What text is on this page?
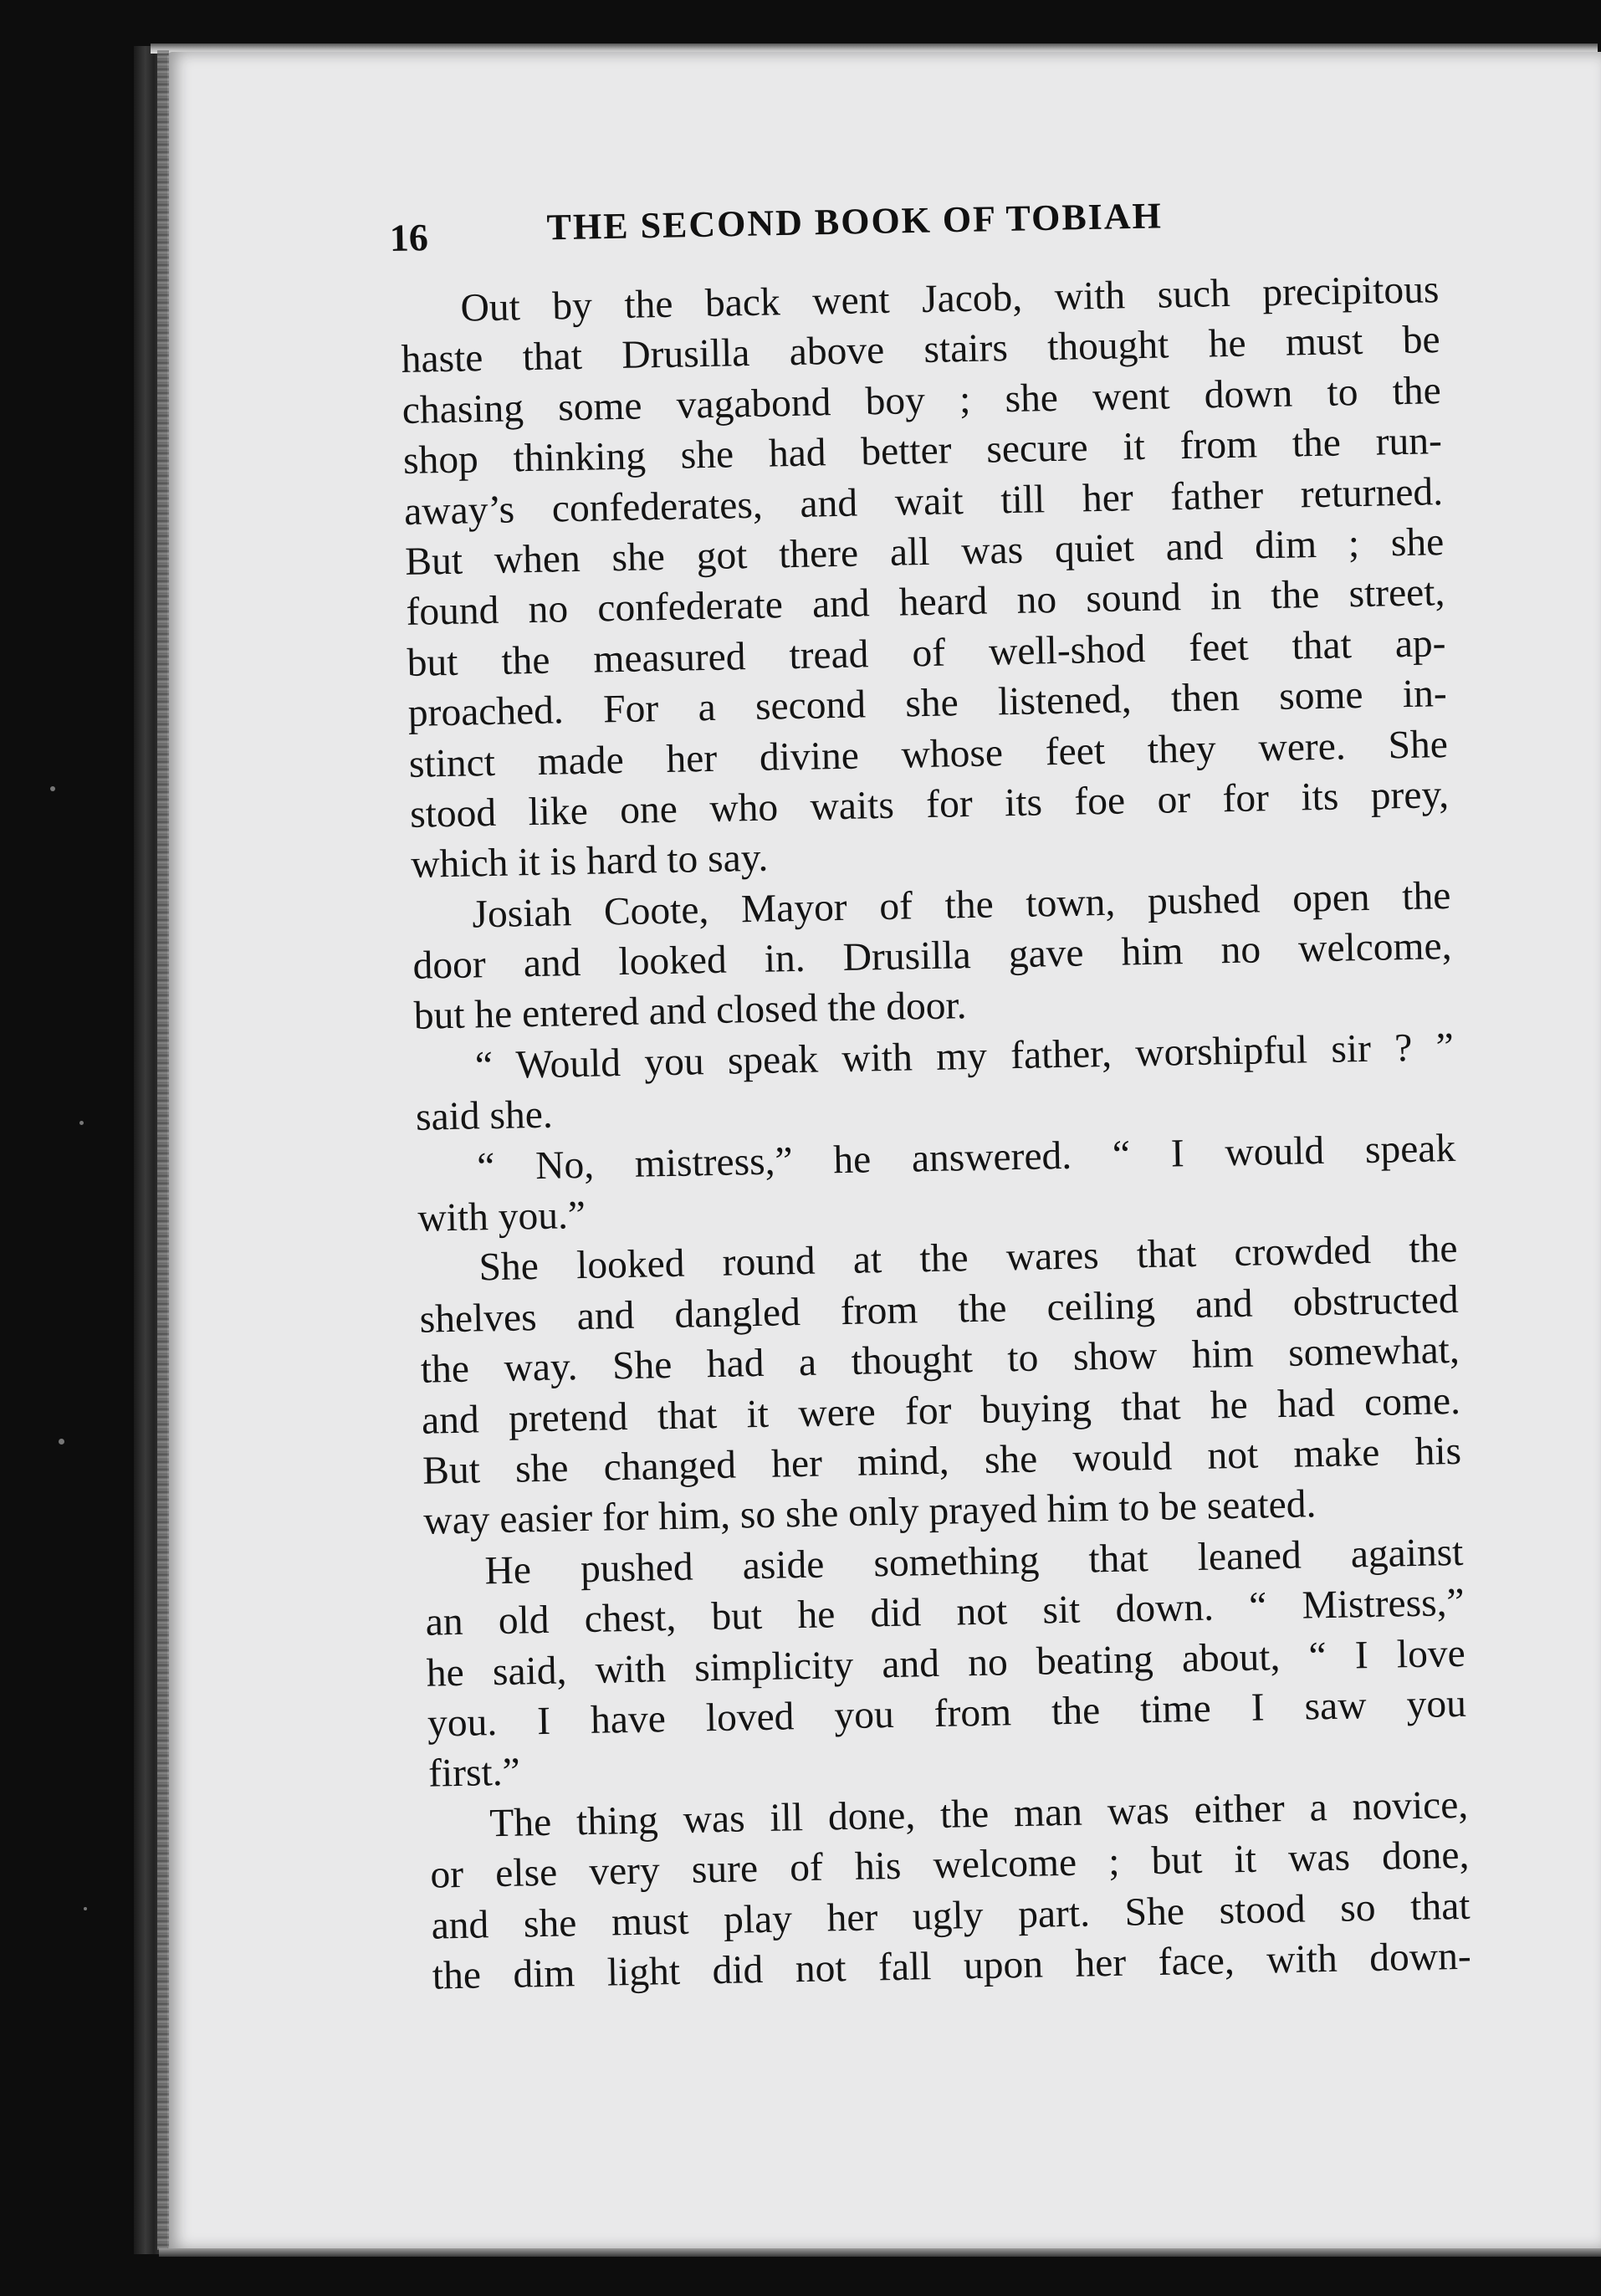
16	THE SECOND BOOK OF TOBIAH
Out by the back went Jacob, with such precipitous
haste that Drusilla above stairs thought he must be
chasing some vagabond boy ; she went down to the
shop thinking she had better secure it from the run-
away’s confederates, and wait till her father returned.
But when she got there all was quiet and dim ; she
found no confederate and heard no sound in the street,
but the measured tread of well-shod feet that ap-
proached. For a second she listened, then some in-
stinct made her divine whose feet they were. She
stood like one who waits for its foe or for its prey,
which it is hard to say.
Josiah Coote, Mayor of the town, pushed open the
door and looked in. Drusilla gave him no welcome,
but he entered and closed the door.
“ Would you speak with my father, worshipful sir ? ”
said she.
“ No, mistress,” he answered. “ I would speak
with you.”
She looked round at the wares that crowded the
shelves and dangled from the ceiling and obstructed
the way. She had a thought to show him somewhat,
and pretend that it were for buying that he had come.
But she changed her mind, she would not make his
way easier for him, so she only prayed him to be seated.
He pushed aside something that leaned against
an old chest, but he did not sit down. “ Mistress,”
he said, with simplicity and no beating about, “ I love
you. I have loved you from the time I saw you
first.”
The thing was ill done, the man was either a novice,
or else very sure of his welcome ; but it was done,
and she must play her ugly part. She stood so that
the dim light did not fall upon her face, with down-
